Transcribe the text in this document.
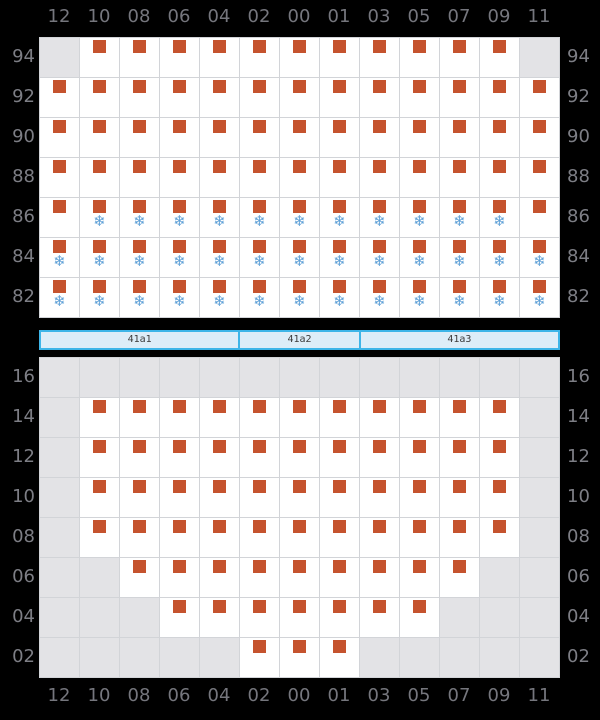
12 10 08 06 04 02 00 01 03 05 07 09 11
94
92
90
88
86
84
82
❄ ❄ ❄ ❄ ❄ ❄ ❄ ❄ ❄ ❄ ❄
❄ ❄ ❄ ❄ ❄ ❄ ❄ ❄ ❄ ❄ ❄ ❄ ❄
❄ ❄ ❄ ❄ ❄ ❄ ❄ ❄ ❄ ❄ ❄ ❄ ❄
94
92
90
88
86
84
82
41a1	41a2	41a3
16
14
12
10
08
06
04
02
16
14
12
10
08
06
04
02
12 10 08 06 04 02 00 01 03 05 07 09 11
